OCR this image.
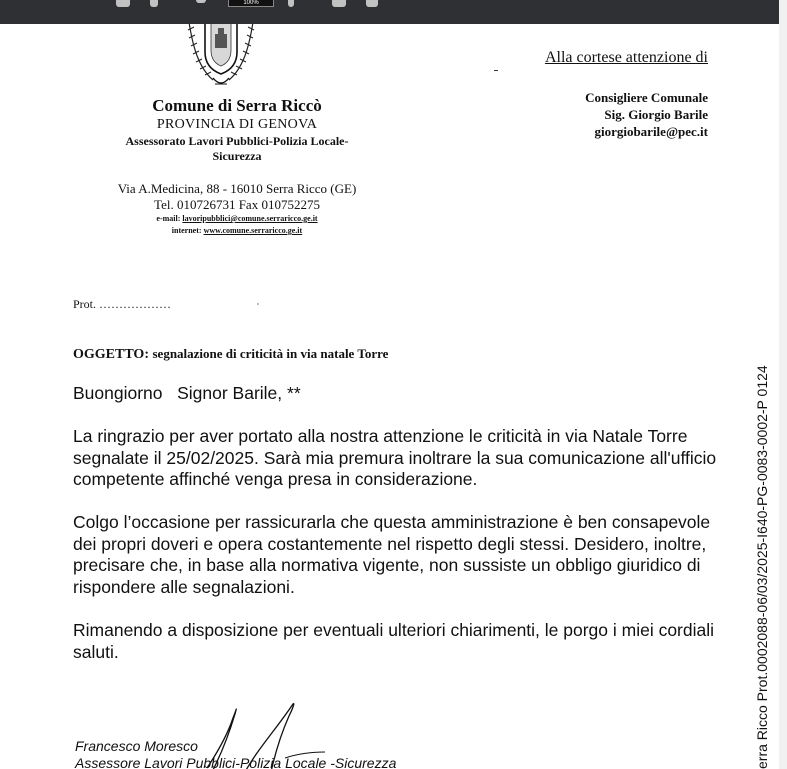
100%
Comune di Serra Riccò
PROVINCIA DI GENOVA
Assessorato Lavori Pubblici-Polizia Locale-Sicurezza
Via A.Medicina, 88 - 16010 Serra Ricco (GE)
Tel. 010726731 Fax 010752275
e-mail: lavoripubblici@comune.serraricco.ge.it
internet: www.comune.serraricco.ge.it
Alla cortese attenzione di
Consigliere Comunale
Sig. Giorgio Barile
giorgiobarile@pec.it
Prot. ………………
OGGETTO: segnalazione di criticità in via natale Torre
Buongiorno   Signor Barile, **
La ringrazio per aver portato alla nostra attenzione le criticità in via Natale Torre segnalate il 25/02/2025. Sarà mia premura inoltrare la sua comunicazione all'ufficio competente affinché venga presa in considerazione.
Colgo l’occasione per rassicurarla che questa amministrazione è ben consapevole dei propri doveri e opera costantemente nel rispetto degli stessi. Desidero, inoltre, precisare che, in base alla normativa vigente, non sussiste un obbligo giuridico di rispondere alle segnalazioni.
Rimanendo a disposizione per eventuali ulteriori chiarimenti, le porgo i miei cordiali saluti.
Francesco Moresco
Assessore Lavori Pubblici-Polizia Locale -Sicurezza	erra Ricco Prot.0002088-06/03/2025-I640-PG-0083-0002-P 0124
